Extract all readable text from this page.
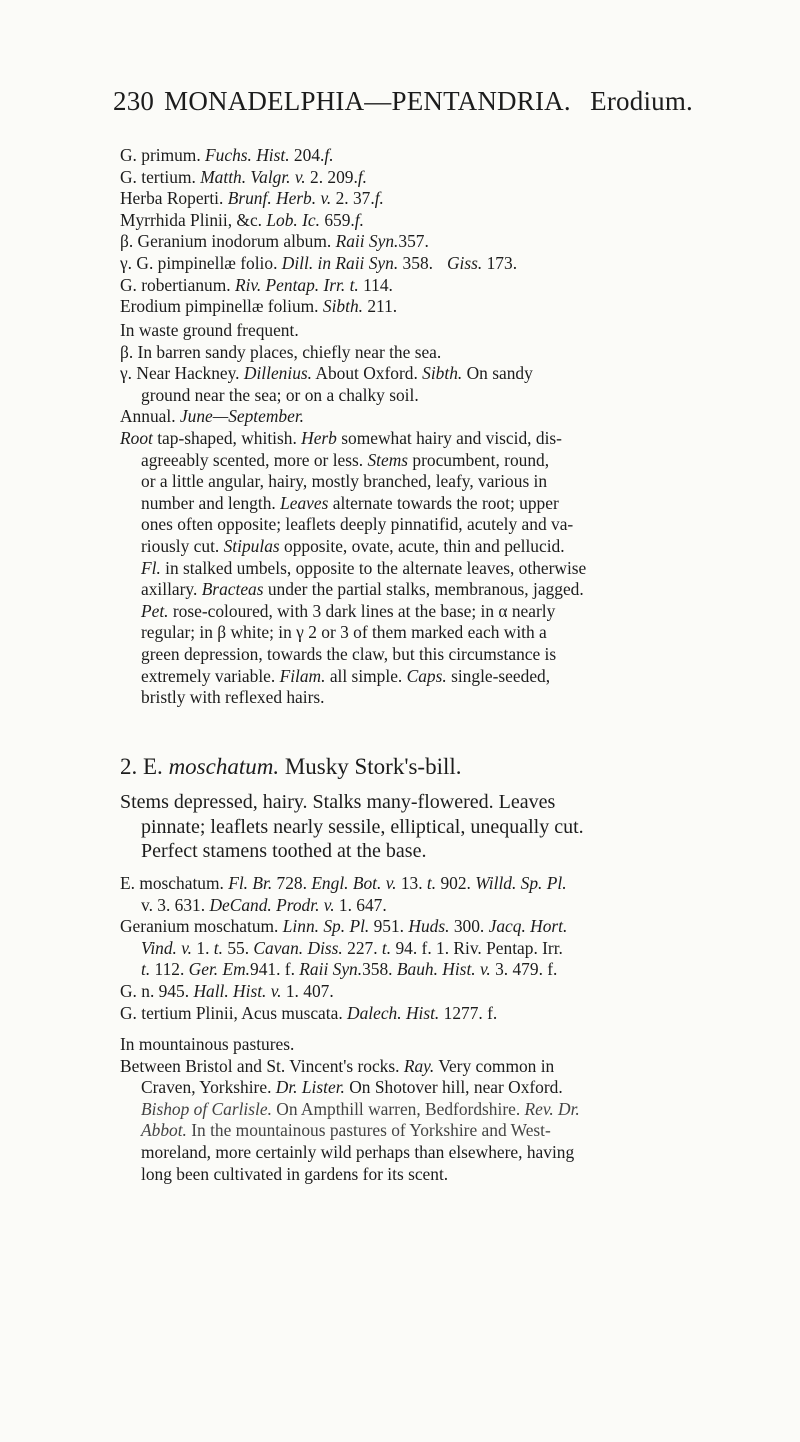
230 MONADELPHIA—PENTANDRIA. Erodium.
G. primum. Fuchs. Hist. 204.f.
G. tertium. Matth. Valgr. v. 2. 209.f.
Herba Roperti. Brunf. Herb. v. 2. 37.f.
Myrrhida Plinii, &c. Lob. Ic. 659.f.
β. Geranium inodorum album. Raii Syn.357.
γ. G. pimpinellæ folio. Dill. in Raii Syn. 358. Giss. 173.
G. robertianum. Riv. Pentap. Irr. t. 114.
Erodium pimpinellæ folium. Sibth. 211.
In waste ground frequent.
β. In barren sandy places, chiefly near the sea.
γ. Near Hackney. Dillenius. About Oxford. Sibth. On sandy
ground near the sea; or on a chalky soil.
Annual. June—September.
Root tap-shaped, whitish. Herb somewhat hairy and viscid, dis-
agreeably scented, more or less. Stems procumbent, round,
or a little angular, hairy, mostly branched, leafy, various in
number and length. Leaves alternate towards the root; upper
ones often opposite; leaflets deeply pinnatifid, acutely and va-
riously cut. Stipulas opposite, ovate, acute, thin and pellucid.
Fl. in stalked umbels, opposite to the alternate leaves, otherwise
axillary. Bracteas under the partial stalks, membranous, jagged.
Pet. rose-coloured, with 3 dark lines at the base; in α nearly
regular; in β white; in γ 2 or 3 of them marked each with a
green depression, towards the claw, but this circumstance is
extremely variable. Filam. all simple. Caps. single-seeded,
bristly with reflexed hairs.
2. E. moschatum. Musky Stork's-bill.
Stems depressed, hairy. Stalks many-flowered. Leaves
pinnate; leaflets nearly sessile, elliptical, unequally cut.
Perfect stamens toothed at the base.
E. moschatum. Fl. Br. 728. Engl. Bot. v. 13. t. 902. Willd. Sp. Pl.
v. 3. 631. DeCand. Prodr. v. 1. 647.
Geranium moschatum. Linn. Sp. Pl. 951. Huds. 300. Jacq. Hort.
Vind. v. 1. t. 55. Cavan. Diss. 227. t. 94. f. 1. Riv. Pentap. Irr.
t. 112. Ger. Em.941. f. Raii Syn.358. Bauh. Hist. v. 3. 479. f.
G. n. 945. Hall. Hist. v. 1. 407.
G. tertium Plinii, Acus muscata. Dalech. Hist. 1277. f.
In mountainous pastures.
Between Bristol and St. Vincent's rocks. Ray. Very common in
Craven, Yorkshire. Dr. Lister. On Shotover hill, near Oxford.
Bishop of Carlisle. On Ampthill warren, Bedfordshire. Rev. Dr.
Abbot. In the mountainous pastures of Yorkshire and West-
moreland, more certainly wild perhaps than elsewhere, having
long been cultivated in gardens for its scent.
